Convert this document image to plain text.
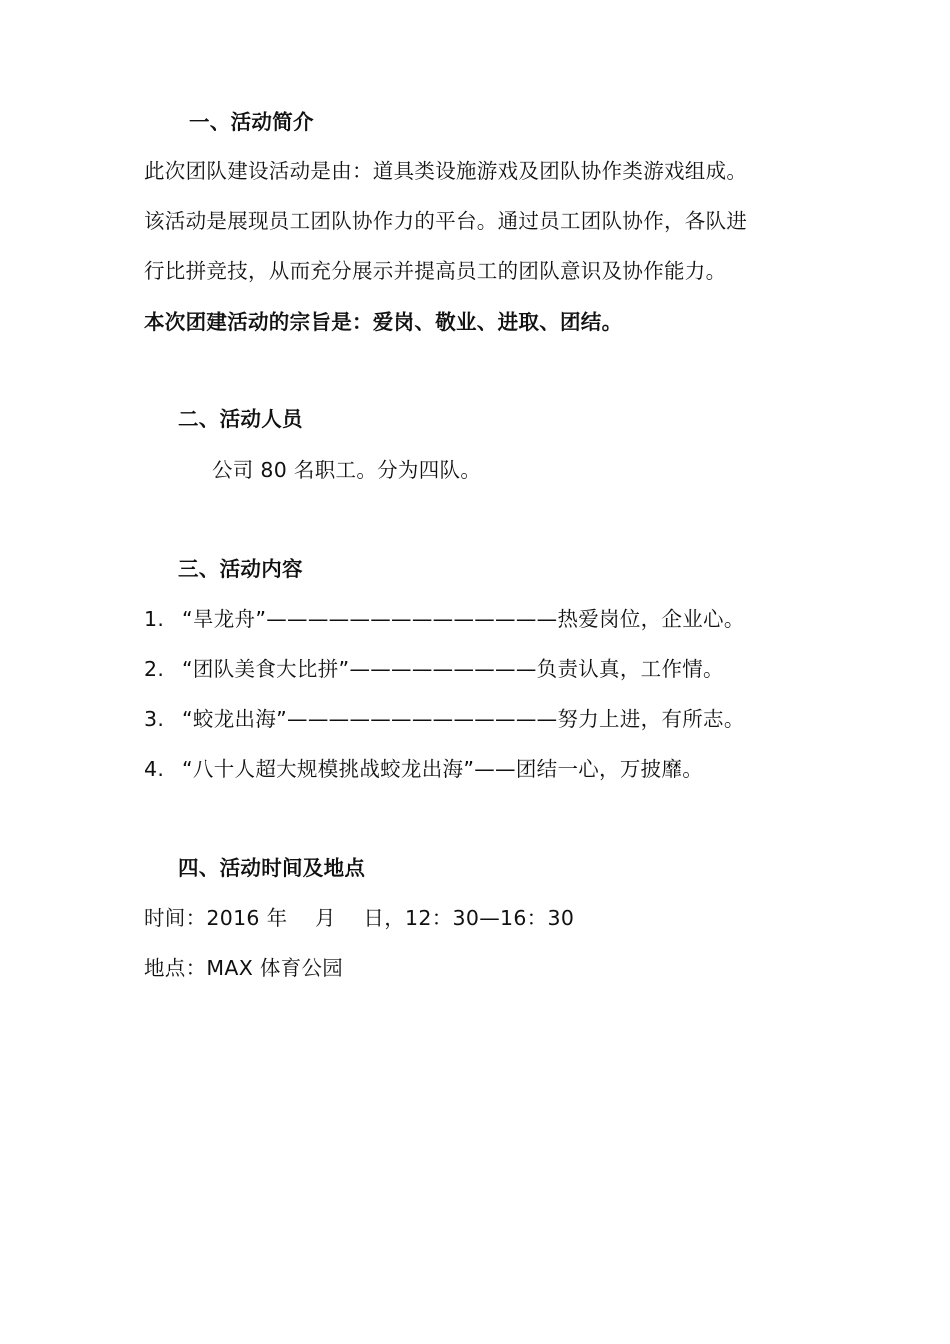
一、活动简介
此次团队建设活动是由：道具类设施游戏及团队协作类游戏组成。
该活动是展现员工团队协作力的平台。通过员工团队协作，各队进
行比拼竞技，从而充分展示并提高员工的团队意识及协作能力。
本次团建活动的宗旨是：爱岗、敬业、进取、团结。
二、活动人员
公司 80 名职工。分为四队。
三、活动内容
1. “旱龙舟”——————————————热爱岗位，企业心。
2. “团队美食大比拼”—————————负责认真，工作情。
3. “蛟龙出海”—————————————努力上进，有所志。
4. “八十人超大规模挑战蛟龙出海”——团结一心，万披靡。
四、活动时间及地点
时间：2016 年　 月　 日，12：30—16：30
地点：MAX 体育公园
